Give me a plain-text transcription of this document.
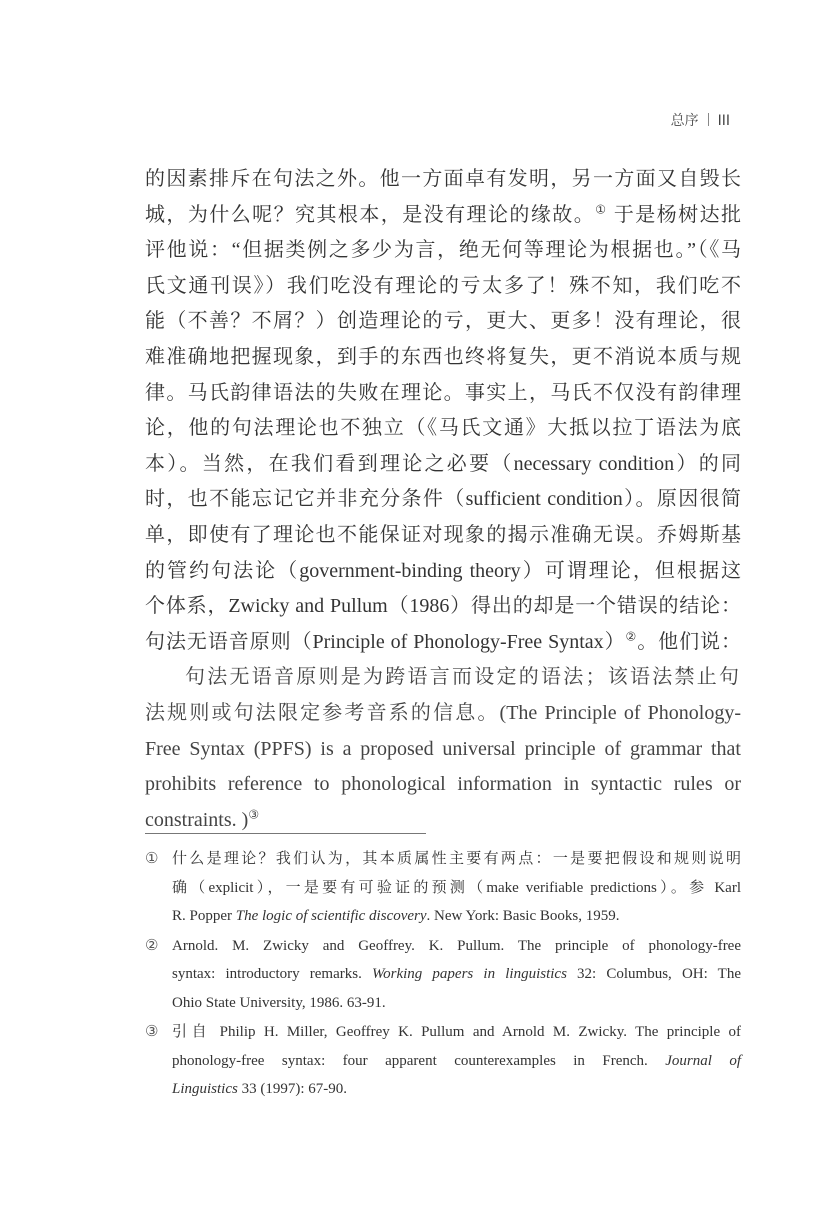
总序 III
的因素排斥在句法之外。他一方面卓有发明，另一方面又自毁长
城，为什么呢？究其根本，是没有理论的缘故。① 于是杨树达批
评他说：“但据类例之多少为言，绝无何等理论为根据也。”（《马
氏文通刊误》）我们吃没有理论的亏太多了！殊不知，我们吃不
能（不善？不屑？）创造理论的亏，更大、更多！没有理论，很
难准确地把握现象，到手的东西也终将复失，更不消说本质与规
律。马氏韵律语法的失败在理论。事实上，马氏不仅没有韵律理
论，他的句法理论也不独立（《马氏文通》大抵以拉丁语法为底
本）。当然，在我们看到理论之必要（necessary condition）的同
时，也不能忘记它并非充分条件（sufficient condition）。原因很简
单，即使有了理论也不能保证对现象的揭示准确无误。乔姆斯基
的管约句法论（government-binding theory）可谓理论，但根据这
个体系，Zwicky and Pullum（1986）得出的却是一个错误的结论：
句法无语音原则（Principle of Phonology-Free Syntax）②。他们说：
句法无语音原则是为跨语言而设定的语法；该语法禁止句
法规则或句法限定参考音系的信息。(The Principle of Phonology-
Free Syntax (PPFS) is a proposed universal principle of grammar that
prohibits reference to phonological information in syntactic rules or
constraints. )③
① 什么是理论？我们认为，其本质属性主要有两点：一是要把假设和规则说明
确（explicit），一是要有可验证的预测（make verifiable predictions）。参 Karl
R. Popper The logic of scientific discovery. New York: Basic Books, 1959.
② Arnold. M. Zwicky and Geoffrey. K. Pullum. The principle of phonology-free
syntax: introductory remarks. Working papers in linguistics 32: Columbus, OH: The
Ohio State University, 1986. 63-91.
③ 引自 Philip H. Miller, Geoffrey K. Pullum and Arnold M. Zwicky. The principle of
phonology-free syntax: four apparent counterexamples in French. Journal of
Linguistics 33 (1997): 67-90.
